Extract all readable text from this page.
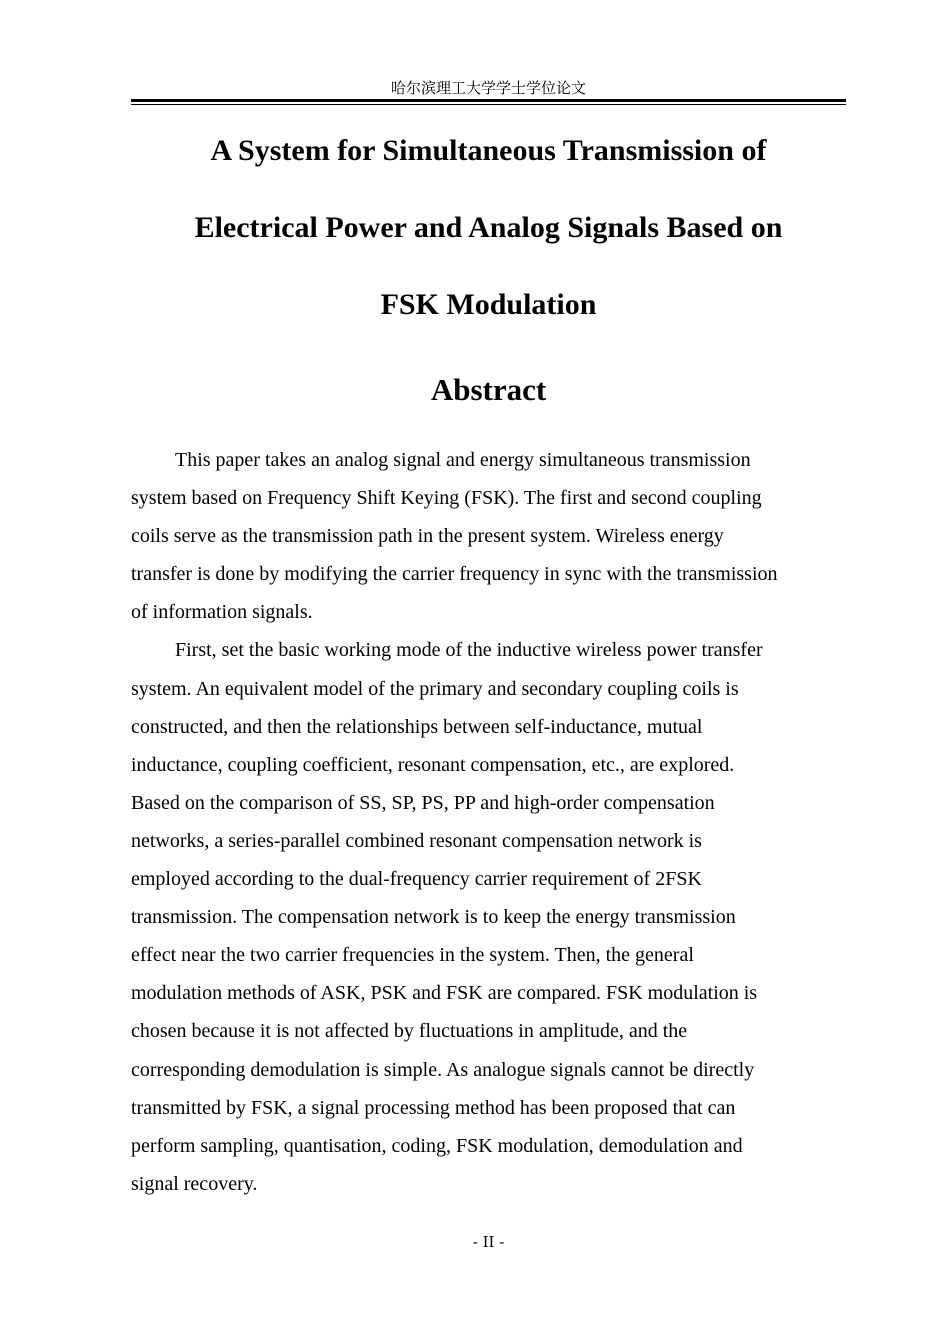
哈尔滨理工大学学士学位论文
A System for Simultaneous Transmission of
Electrical Power and Analog Signals Based on
FSK Modulation
Abstract
This paper takes an analog signal and energy simultaneous transmission
system based on Frequency Shift Keying (FSK). The first and second coupling
coils serve as the transmission path in the present system. Wireless energy
transfer is done by modifying the carrier frequency in sync with the transmission
of information signals.
First, set the basic working mode of the inductive wireless power transfer
system. An equivalent model of the primary and secondary coupling coils is
constructed, and then the relationships between self-inductance, mutual
inductance, coupling coefficient, resonant compensation, etc., are explored.
Based on the comparison of SS, SP, PS, PP and high-order compensation
networks, a series-parallel combined resonant compensation network is
employed according to the dual-frequency carrier requirement of 2FSK
transmission. The compensation network is to keep the energy transmission
effect near the two carrier frequencies in the system. Then, the general
modulation methods of ASK, PSK and FSK are compared. FSK modulation is
chosen because it is not affected by fluctuations in amplitude, and the
corresponding demodulation is simple. As analogue signals cannot be directly
transmitted by FSK, a signal processing method has been proposed that can
perform sampling, quantisation, coding, FSK modulation, demodulation and
signal recovery.
- II -
